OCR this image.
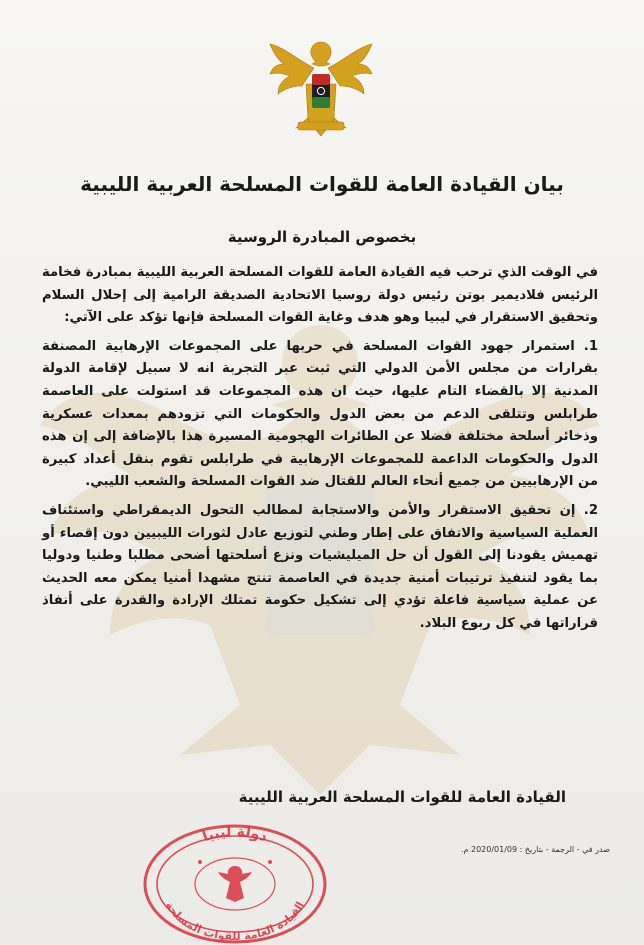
بيان القيادة العامة للقوات المسلحة العربية الليبية
بخصوص المبادرة الروسية

في الوقت الذي ترحب فيه القيادة العامة للقوات المسلحة العربية الليبية بمبادرة فخامة الرئيس فلاديمير بوتن رئيس دولة روسيا الاتحادية الصديقة الرامية إلى إحلال السلام وتحقيق الاستقرار في ليبيا وهو هدف وغاية القوات المسلحة فإنها تؤكد على الآتي:

1. استمرار جهود القوات المسلحة في حربها على المجموعات الإرهابية المصنفة بقرارات من مجلس الأمن الدولي التي ثبت عبر التجربة انه لا سبيل لإقامة الدولة المدنية إلا بالقضاء التام عليها، حيث ان هذه المجموعات قد استولت على العاصمة طرابلس وتتلقى الدعم من بعض الدول والحكومات التي تزودهم بمعدات عسكرية وذخائر أسلحة مختلفة فضلا عن الطائرات الهجومية المسيرة هذا بالإضافة إلى إن هذه الدول والحكومات الداعمة للمجموعات الإرهابية في طرابلس تقوم بنقل أعداد كبيرة من الإرهابيين من جميع أنحاء العالم للقتال ضد القوات المسلحة والشعب الليبي.

2. إن تحقيق الاستقرار والأمن والاستجابة لمطالب التحول الديمقراطي واستئناف العملية السياسية والاتفاق على إطار وطني لتوزيع عادل لثورات الليبيين دون إقصاء أو تهميش يقودنا إلى القول أن حل الميليشيات ونزع أسلحتها أضحى مطلبا وطنيا ودوليا بما يقود لتنفيذ ترتيبات أمنية جديدة في العاصمة تنتج مشهدا أمنيا يمكن معه الحديث عن عملية سياسية فاعلة تؤدي إلى تشكيل حكومة تمتلك الإرادة والقدرة على أنفاذ قراراتها في كل ربوع البلاد.

القيادة العامة للقوات المسلحة العربية الليبية
صدر في - الرجمة - بتاريخ : 2020/01/09 م.
دولة ليبيا
القيادة العامة للقوات المسلحة
